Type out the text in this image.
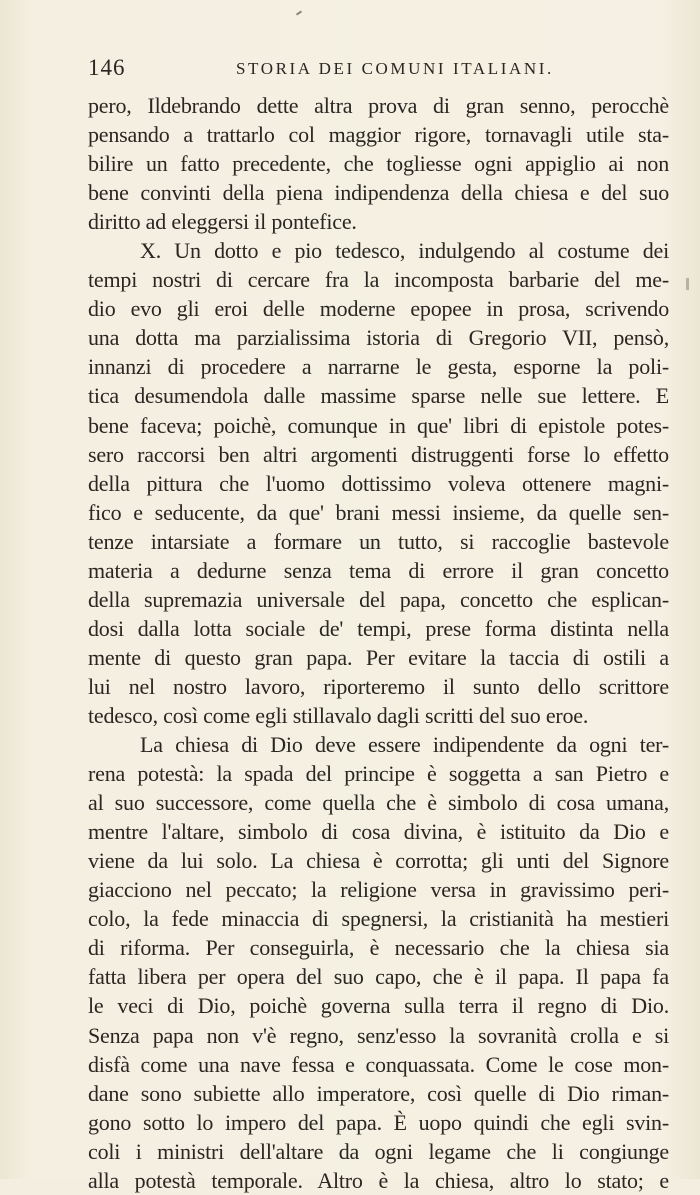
146	STORIA DEI COMUNI ITALIANI.
pero, Ildebrando dette altra prova di gran senno, perocchè
pensando a trattarlo col maggior rigore, tornavagli utile sta-
bilire un fatto precedente, che togliesse ogni appiglio ai non
bene convinti della piena indipendenza della chiesa e del suo
diritto ad eleggersi il pontefice.
X. Un dotto e pio tedesco, indulgendo al costume dei
tempi nostri di cercare fra la incomposta barbarie del me-
dio evo gli eroi delle moderne epopee in prosa, scrivendo
una dotta ma parzialissima istoria di Gregorio VII, pensò,
innanzi di procedere a narrarne le gesta, esporne la poli-
tica desumendola dalle massime sparse nelle sue lettere. E
bene faceva; poichè, comunque in que' libri di epistole potes-
sero raccorsi ben altri argomenti distruggenti forse lo effetto
della pittura che l'uomo dottissimo voleva ottenere magni-
fico e seducente, da que' brani messi insieme, da quelle sen-
tenze intarsiate a formare un tutto, si raccoglie bastevole
materia a dedurne senza tema di errore il gran concetto
della supremazia universale del papa, concetto che esplican-
dosi dalla lotta sociale de' tempi, prese forma distinta nella
mente di questo gran papa. Per evitare la taccia di ostili a
lui nel nostro lavoro, riporteremo il sunto dello scrittore
tedesco, così come egli stillavalo dagli scritti del suo eroe.
La chiesa di Dio deve essere indipendente da ogni ter-
rena potestà: la spada del principe è soggetta a san Pietro e
al suo successore, come quella che è simbolo di cosa umana,
mentre l'altare, simbolo di cosa divina, è istituito da Dio e
viene da lui solo. La chiesa è corrotta; gli unti del Signore
giacciono nel peccato; la religione versa in gravissimo peri-
colo, la fede minaccia di spegnersi, la cristianità ha mestieri
di riforma. Per conseguirla, è necessario che la chiesa sia
fatta libera per opera del suo capo, che è il papa. Il papa fa
le veci di Dio, poichè governa sulla terra il regno di Dio.
Senza papa non v'è regno, senz'esso la sovranità crolla e si
disfà come una nave fessa e conquassata. Come le cose mon-
dane sono subiette allo imperatore, così quelle di Dio riman-
gono sotto lo impero del papa. È uopo quindi che egli svin-
coli i ministri dell'altare da ogni legame che li congiunge
alla potestà temporale. Altro è la chiesa, altro lo stato; e
